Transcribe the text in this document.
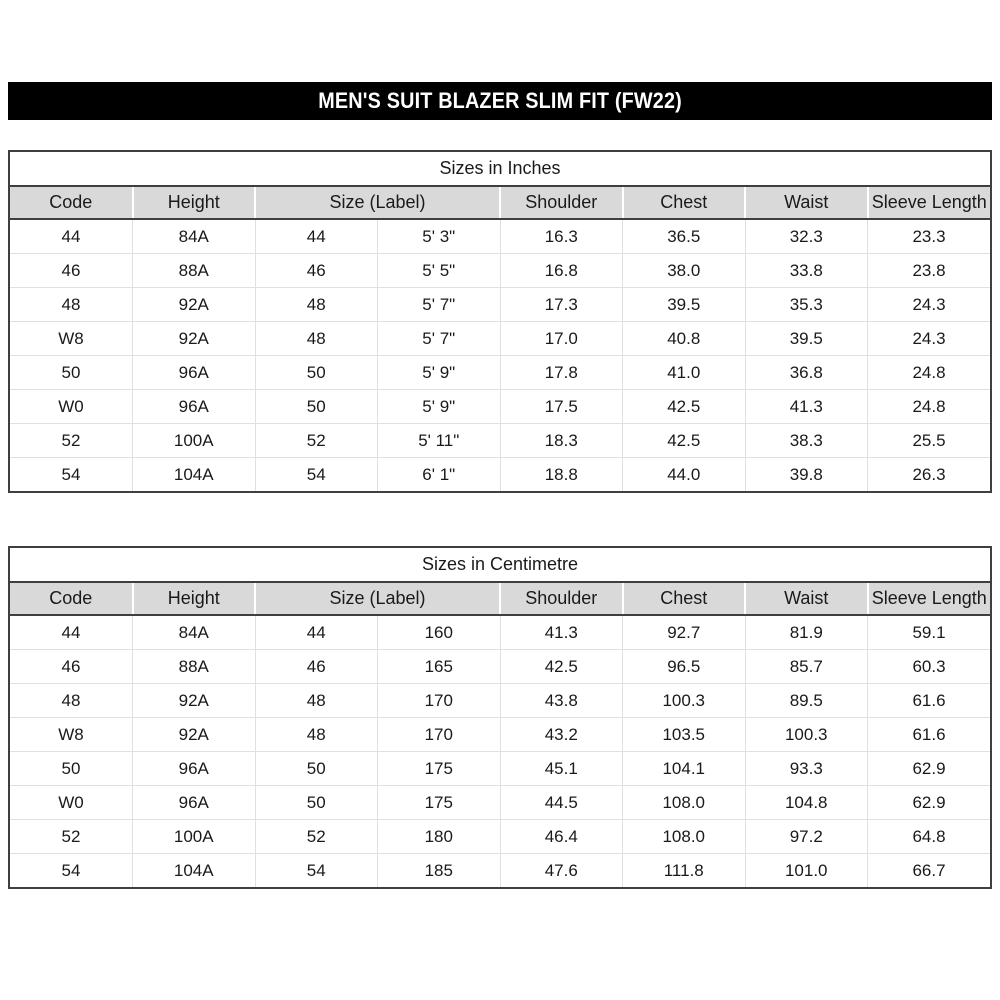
MEN'S SUIT BLAZER SLIM FIT (FW22)
Sizes in Inches
Code	Height	Size (Label)		Shoulder	Chest	Waist	Sleeve Length
44	84A	44	5' 3"	16.3	36.5	32.3	23.3
46	88A	46	5' 5"	16.8	38.0	33.8	23.8
48	92A	48	5' 7"	17.3	39.5	35.3	24.3
W8	92A	48	5' 7"	17.0	40.8	39.5	24.3
50	96A	50	5' 9"	17.8	41.0	36.8	24.8
W0	96A	50	5' 9"	17.5	42.5	41.3	24.8
52	100A	52	5' 11"	18.3	42.5	38.3	25.5
54	104A	54	6' 1"	18.8	44.0	39.8	26.3
Sizes in Centimetre
Code	Height	Size (Label)		Shoulder	Chest	Waist	Sleeve Length
44	84A	44	160	41.3	92.7	81.9	59.1
46	88A	46	165	42.5	96.5	85.7	60.3
48	92A	48	170	43.8	100.3	89.5	61.6
W8	92A	48	170	43.2	103.5	100.3	61.6
50	96A	50	175	45.1	104.1	93.3	62.9
W0	96A	50	175	44.5	108.0	104.8	62.9
52	100A	52	180	46.4	108.0	97.2	64.8
54	104A	54	185	47.6	111.8	101.0	66.7
